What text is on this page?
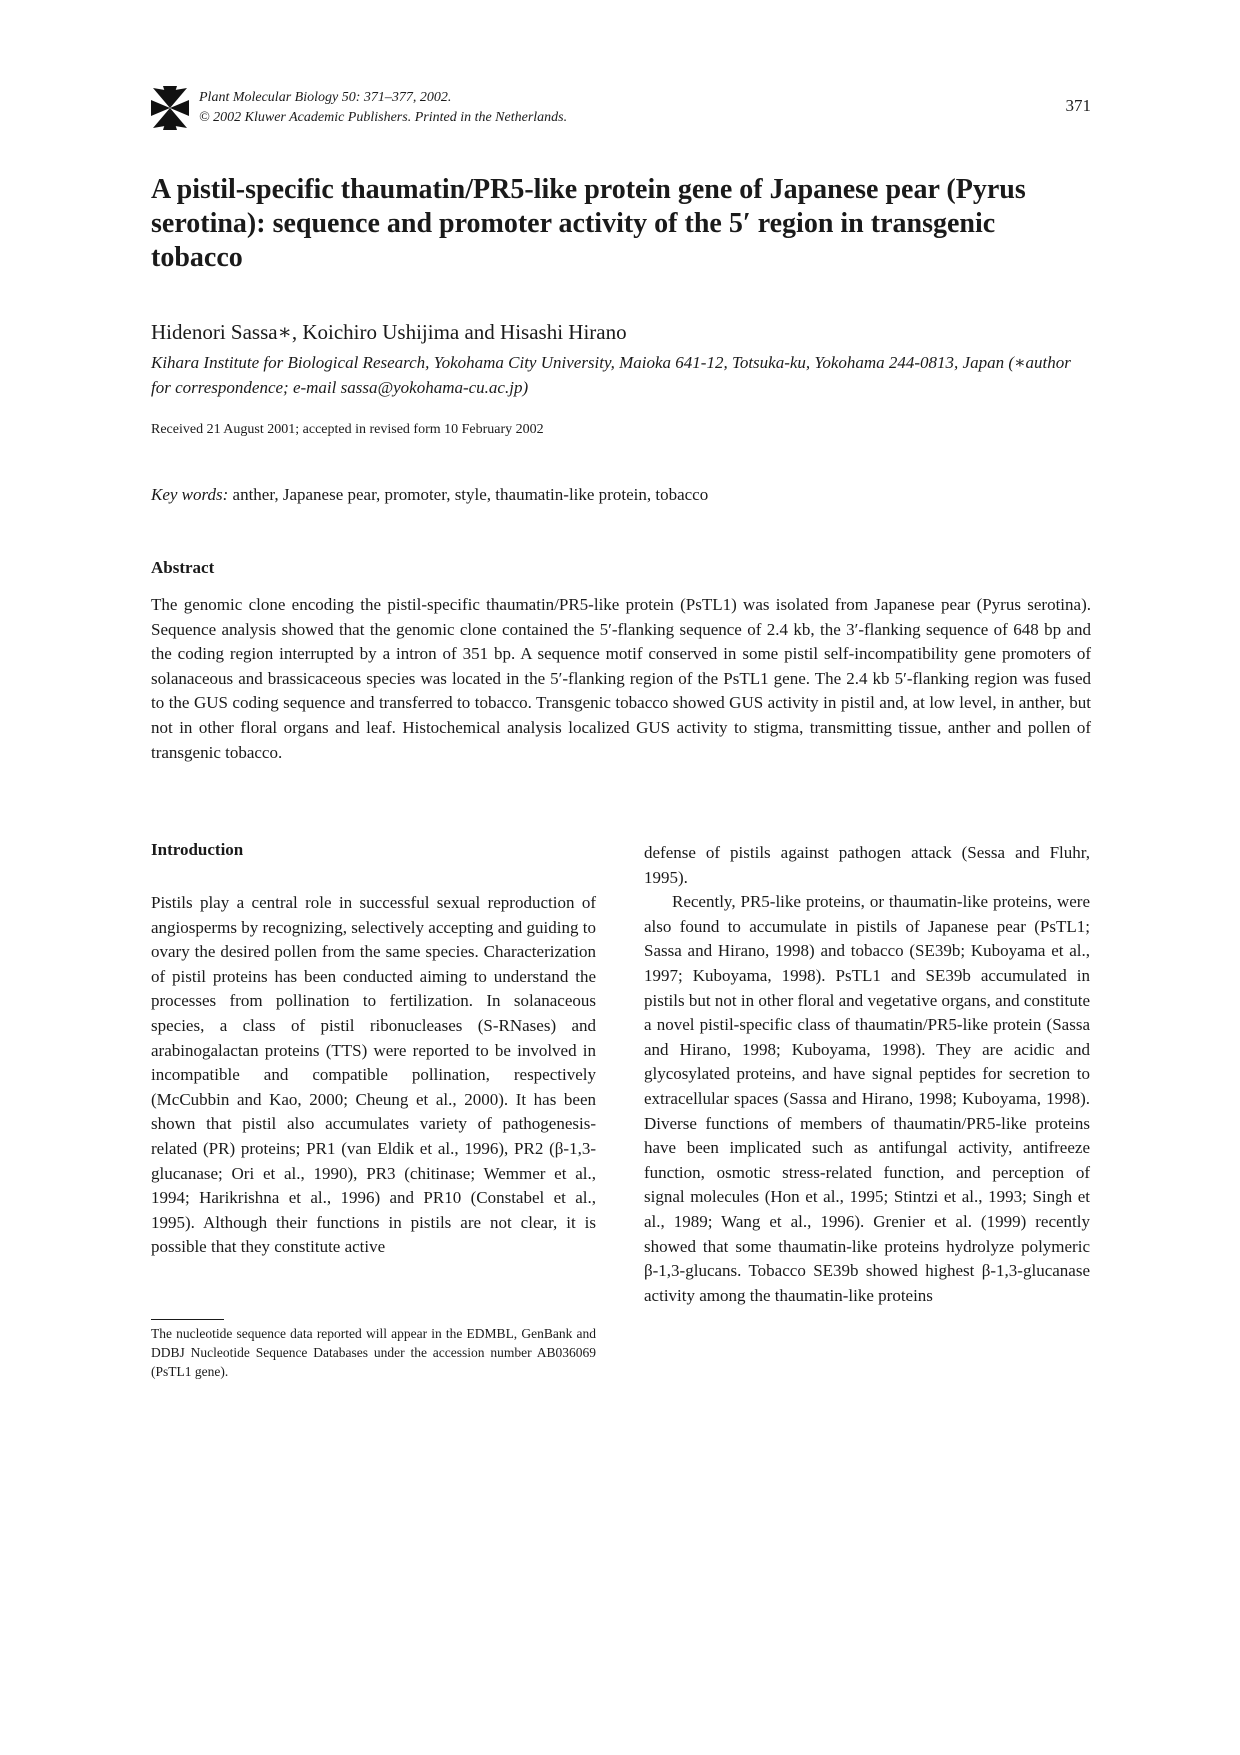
Plant Molecular Biology 50: 371–377, 2002.
© 2002 Kluwer Academic Publishers. Printed in the Netherlands.
371
A pistil-specific thaumatin/PR5-like protein gene of Japanese pear (Pyrus serotina): sequence and promoter activity of the 5′ region in transgenic tobacco
Hidenori Sassa∗, Koichiro Ushijima and Hisashi Hirano
Kihara Institute for Biological Research, Yokohama City University, Maioka 641-12, Totsuka-ku, Yokohama 244-0813, Japan (∗author for correspondence; e-mail sassa@yokohama-cu.ac.jp)
Received 21 August 2001; accepted in revised form 10 February 2002
Key words: anther, Japanese pear, promoter, style, thaumatin-like protein, tobacco
Abstract
The genomic clone encoding the pistil-specific thaumatin/PR5-like protein (PsTL1) was isolated from Japanese pear (Pyrus serotina). Sequence analysis showed that the genomic clone contained the 5′-flanking sequence of 2.4 kb, the 3′-flanking sequence of 648 bp and the coding region interrupted by a intron of 351 bp. A sequence motif conserved in some pistil self-incompatibility gene promoters of solanaceous and brassicaceous species was located in the 5′-flanking region of the PsTL1 gene. The 2.4 kb 5′-flanking region was fused to the GUS coding sequence and transferred to tobacco. Transgenic tobacco showed GUS activity in pistil and, at low level, in anther, but not in other floral organs and leaf. Histochemical analysis localized GUS activity to stigma, transmitting tissue, anther and pollen of transgenic tobacco.
Introduction
Pistils play a central role in successful sexual reproduction of angiosperms by recognizing, selectively accepting and guiding to ovary the desired pollen from the same species. Characterization of pistil proteins has been conducted aiming to understand the processes from pollination to fertilization. In solanaceous species, a class of pistil ribonucleases (S-RNases) and arabinogalactan proteins (TTS) were reported to be involved in incompatible and compatible pollination, respectively (McCubbin and Kao, 2000; Cheung et al., 2000). It has been shown that pistil also accumulates variety of pathogenesis-related (PR) proteins; PR1 (van Eldik et al., 1996), PR2 (β-1,3-glucanase; Ori et al., 1990), PR3 (chitinase; Wemmer et al., 1994; Harikrishna et al., 1996) and PR10 (Constabel et al., 1995). Although their functions in pistils are not clear, it is possible that they constitute active

defense of pistils against pathogen attack (Sessa and Fluhr, 1995).

Recently, PR5-like proteins, or thaumatin-like proteins, were also found to accumulate in pistils of Japanese pear (PsTL1; Sassa and Hirano, 1998) and tobacco (SE39b; Kuboyama et al., 1997; Kuboyama, 1998). PsTL1 and SE39b accumulated in pistils but not in other floral and vegetative organs, and constitute a novel pistil-specific class of thaumatin/PR5-like protein (Sassa and Hirano, 1998; Kuboyama, 1998). They are acidic and glycosylated proteins, and have signal peptides for secretion to extracellular spaces (Sassa and Hirano, 1998; Kuboyama, 1998). Diverse functions of members of thaumatin/PR5-like proteins have been implicated such as antifungal activity, antifreeze function, osmotic stress-related function, and perception of signal molecules (Hon et al., 1995; Stintzi et al., 1993; Singh et al., 1989; Wang et al., 1996). Grenier et al. (1999) recently showed that some thaumatin-like proteins hydrolyze polymeric β-1,3-glucans. Tobacco SE39b showed highest β-1,3-glucanase activity among the thaumatin-like proteins

The nucleotide sequence data reported will appear in the EDMBL, GenBank and DDBJ Nucleotide Sequence Databases under the accession number AB036069 (PsTL1 gene).
